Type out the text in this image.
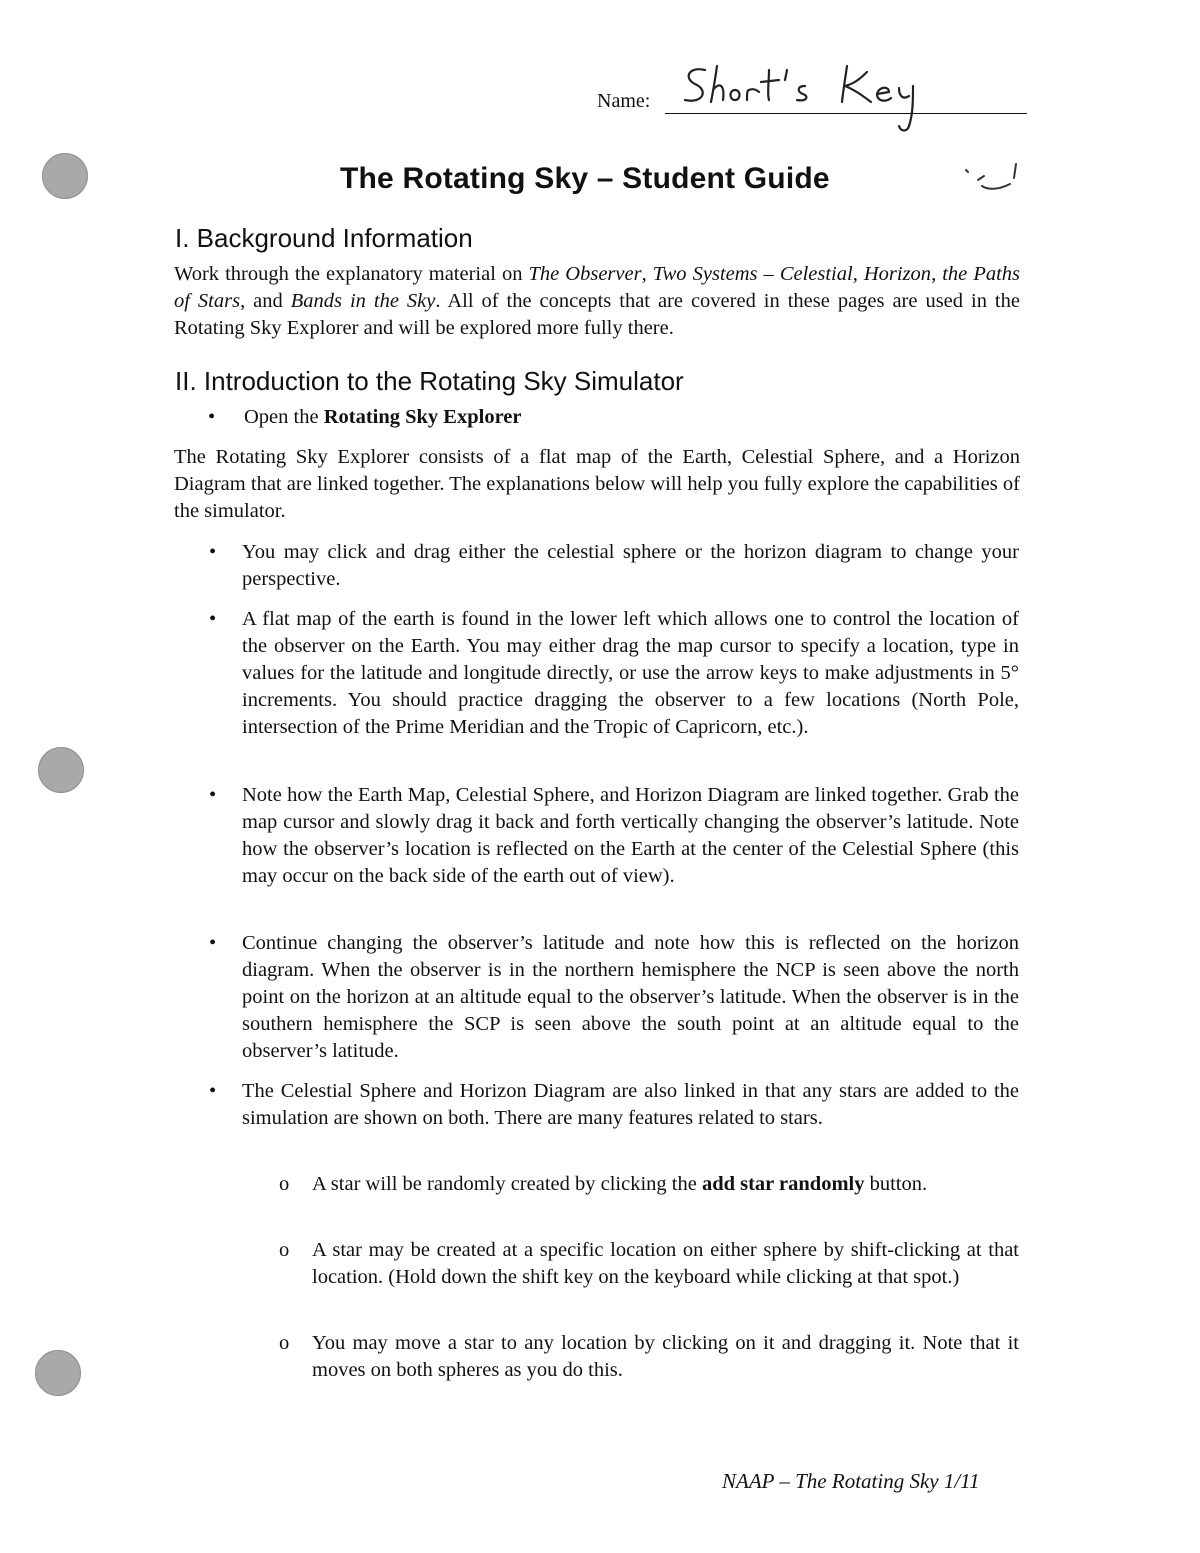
Name:
The Rotating Sky – Student Guide
I. Background Information

Work through the explanatory material on The Observer, Two Systems – Celestial, Horizon, the Paths of Stars, and Bands in the Sky. All of the concepts that are covered in these pages are used in the Rotating Sky Explorer and will be explored more fully there.

II. Introduction to the Rotating Sky Simulator
• Open the Rotating Sky Explorer

The Rotating Sky Explorer consists of a flat map of the Earth, Celestial Sphere, and a Horizon Diagram that are linked together. The explanations below will help you fully explore the capabilities of the simulator.

• You may click and drag either the celestial sphere or the horizon diagram to change your perspective.
• A flat map of the earth is found in the lower left which allows one to control the location of the observer on the Earth. You may either drag the map cursor to specify a location, type in values for the latitude and longitude directly, or use the arrow keys to make adjustments in 5° increments. You should practice dragging the observer to a few locations (North Pole, intersection of the Prime Meridian and the Tropic of Capricorn, etc.).
• Note how the Earth Map, Celestial Sphere, and Horizon Diagram are linked together. Grab the map cursor and slowly drag it back and forth vertically changing the observer’s latitude. Note how the observer’s location is reflected on the Earth at the center of the Celestial Sphere (this may occur on the back side of the earth out of view).
• Continue changing the observer’s latitude and note how this is reflected on the horizon diagram. When the observer is in the northern hemisphere the NCP is seen above the north point on the horizon at an altitude equal to the observer’s latitude. When the observer is in the southern hemisphere the SCP is seen above the south point at an altitude equal to the observer’s latitude.
• The Celestial Sphere and Horizon Diagram are also linked in that any stars are added to the simulation are shown on both. There are many features related to stars.
o A star will be randomly created by clicking the add star randomly button.
o A star may be created at a specific location on either sphere by shift-clicking at that location. (Hold down the shift key on the keyboard while clicking at that spot.)
o You may move a star to any location by clicking on it and dragging it. Note that it moves on both spheres as you do this.
NAAP – The Rotating Sky 1/11
